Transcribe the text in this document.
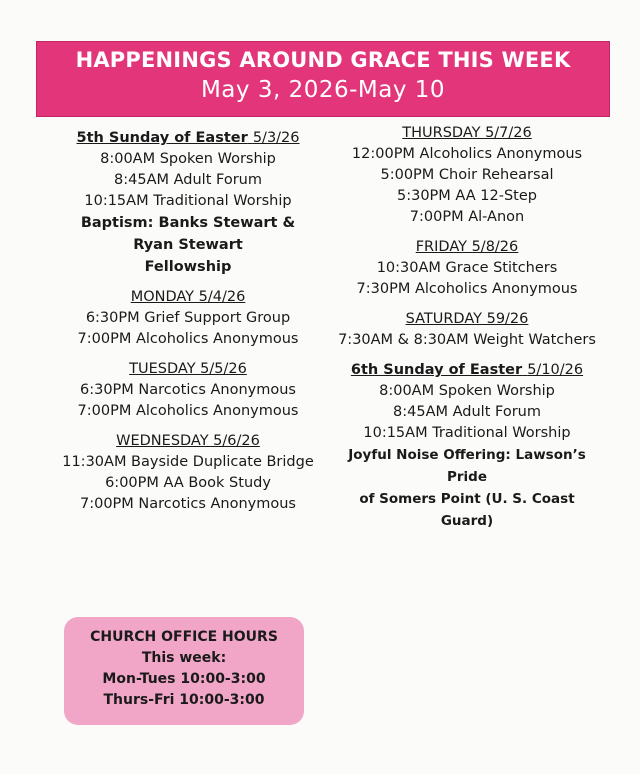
HAPPENINGS AROUND GRACE THIS WEEK
May 3, 2026-May 10
5th Sunday of Easter 5/3/26
8:00AM Spoken Worship
8:45AM Adult Forum
10:15AM Traditional Worship
Baptism: Banks Stewart &
Ryan Stewart
Fellowship
MONDAY 5/4/26
6:30PM Grief Support Group
7:00PM Alcoholics Anonymous
TUESDAY 5/5/26
6:30PM Narcotics Anonymous
7:00PM Alcoholics Anonymous
WEDNESDAY 5/6/26
11:30AM Bayside Duplicate Bridge
6:00PM AA Book Study
7:00PM Narcotics Anonymous
THURSDAY 5/7/26
12:00PM Alcoholics Anonymous
5:00PM Choir Rehearsal
5:30PM AA 12-Step
7:00PM Al-Anon
FRIDAY 5/8/26
10:30AM Grace Stitchers
7:30PM Alcoholics Anonymous
SATURDAY 59/26
7:30AM & 8:30AM Weight Watchers
6th Sunday of Easter 5/10/26
8:00AM Spoken Worship
8:45AM Adult Forum
10:15AM Traditional Worship
Joyful Noise Offering: Lawson’s Pride
of Somers Point (U. S. Coast Guard)
CHURCH OFFICE HOURS
This week:
Mon-Tues 10:00-3:00
Thurs-Fri 10:00-3:00
